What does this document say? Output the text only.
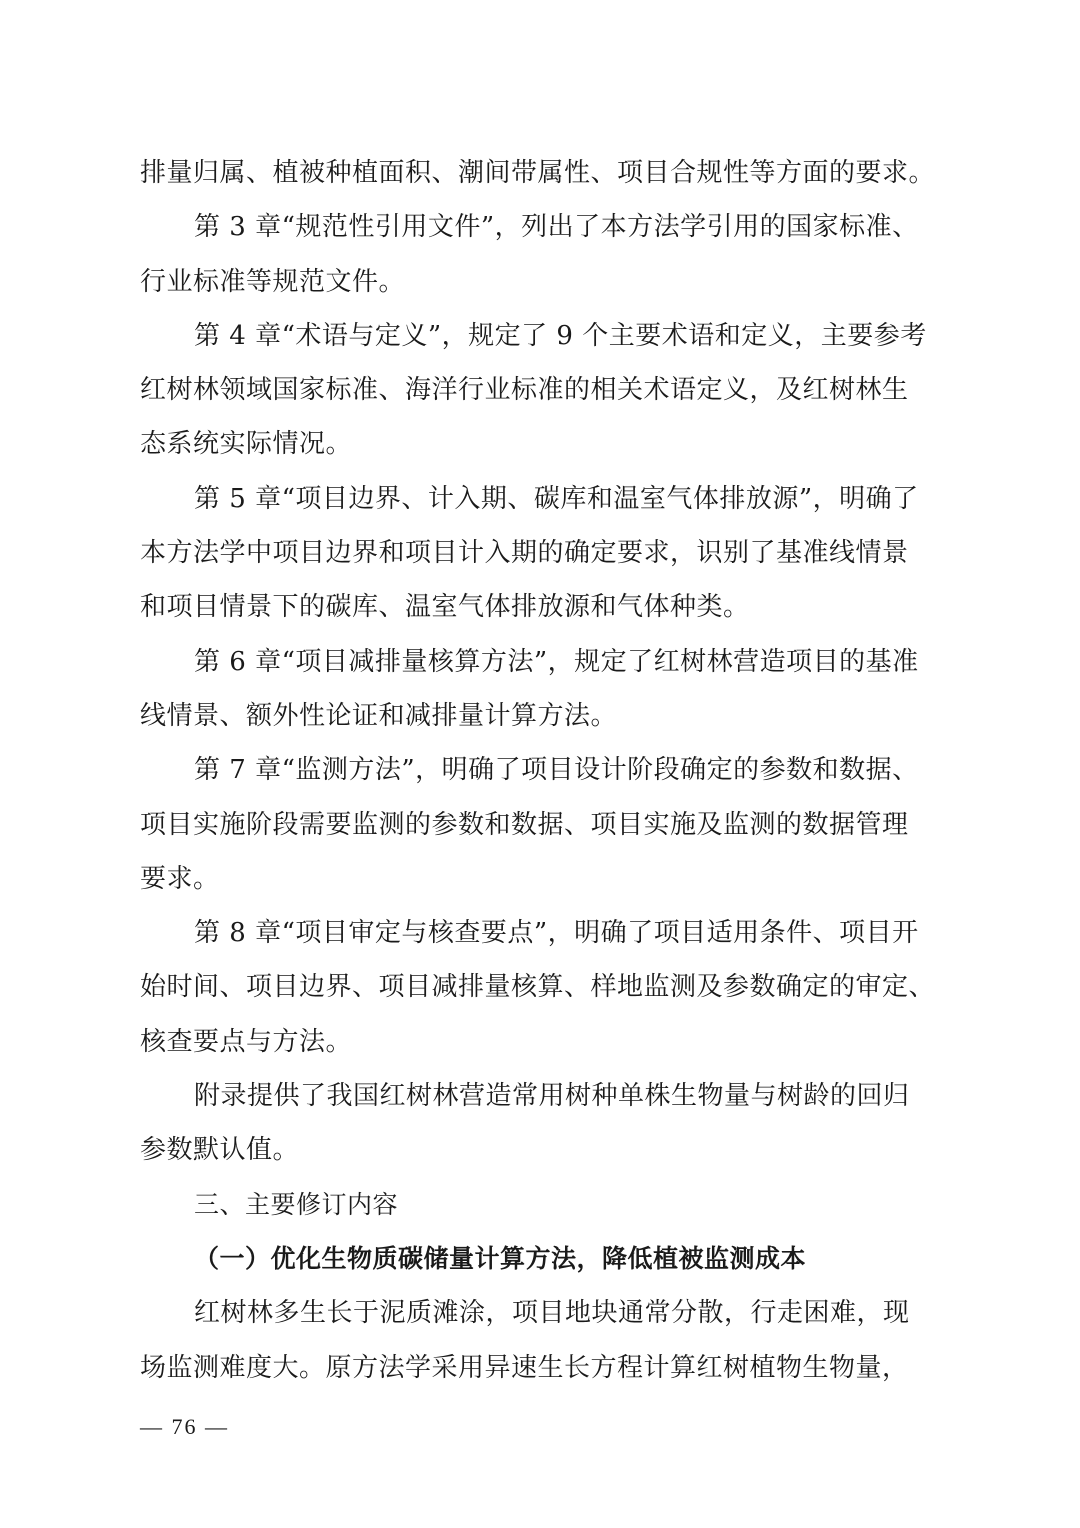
排量归属、植被种植面积、潮间带属性、项目合规性等方面的要求。
第 3 章“规范性引用文件”，列出了本方法学引用的国家标准、
行业标准等规范文件。
第 4 章“术语与定义”，规定了 9 个主要术语和定义，主要参考
红树林领域国家标准、海洋行业标准的相关术语定义，及红树林生
态系统实际情况。
第 5 章“项目边界、计入期、碳库和温室气体排放源”，明确了
本方法学中项目边界和项目计入期的确定要求，识别了基准线情景
和项目情景下的碳库、温室气体排放源和气体种类。
第 6 章“项目减排量核算方法”，规定了红树林营造项目的基准
线情景、额外性论证和减排量计算方法。
第 7 章“监测方法”，明确了项目设计阶段确定的参数和数据、
项目实施阶段需要监测的参数和数据、项目实施及监测的数据管理
要求。
第 8 章“项目审定与核查要点”，明确了项目适用条件、项目开
始时间、项目边界、项目减排量核算、样地监测及参数确定的审定、
核查要点与方法。
附录提供了我国红树林营造常用树种单株生物量与树龄的回归
参数默认值。
三、主要修订内容
（一）优化生物质碳储量计算方法，降低植被监测成本
红树林多生长于泥质滩涂，项目地块通常分散，行走困难，现
场监测难度大。原方法学采用异速生长方程计算红树植物生物量，
— 76 —
